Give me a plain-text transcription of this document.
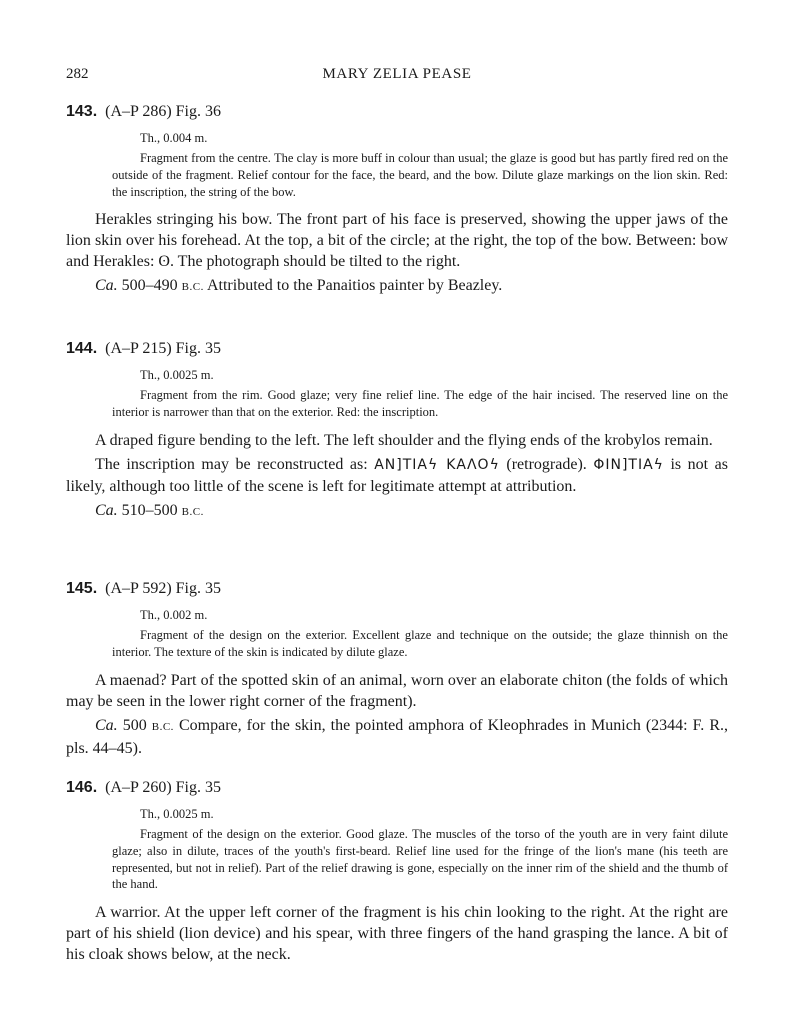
282	MARY ZELIA PEASE
143. (A–P 286) Fig. 36
Th., 0.004 m.
Fragment from the centre. The clay is more buff in colour than usual; the glaze is good but has partly fired red on the outside of the fragment. Relief contour for the face, the beard, and the bow. Dilute glaze markings on the lion skin. Red: the inscription, the string of the bow.

Herakles stringing his bow. The front part of his face is preserved, showing the upper jaws of the lion skin over his forehead. At the top, a bit of the circle; at the right, the top of the bow. Between: bow and Herakles: ʘ. The photograph should be tilted to the right.

Ca. 500–490 B.C. Attributed to the Panaitios painter by Beazley.

144. (A–P 215) Fig. 35
Th., 0.0025 m.
Fragment from the rim. Good glaze; very fine relief line. The edge of the hair incised. The reserved line on the interior is narrower than that on the exterior. Red: the inscription.

A draped figure bending to the left. The left shoulder and the flying ends of the krobylos remain.

The inscription may be reconstructed as: ΑΝ]ΤΙΑϟ ΚΑΛΟϟ (retrograde). ΦΙΝ]ΤΙΑϟ is not as likely, although too little of the scene is left for legitimate attempt at attribution.

Ca. 510–500 B.C.

145. (A–P 592) Fig. 35
Th., 0.002 m.
Fragment of the design on the exterior. Excellent glaze and technique on the outside; the glaze thinnish on the interior. The texture of the skin is indicated by dilute glaze.

A maenad? Part of the spotted skin of an animal, worn over an elaborate chiton (the folds of which may be seen in the lower right corner of the fragment).

Ca. 500 B.C. Compare, for the skin, the pointed amphora of Kleophrades in Munich (2344: F. R., pls. 44–45).

146. (A–P 260) Fig. 35
Th., 0.0025 m.
Fragment of the design on the exterior. Good glaze. The muscles of the torso of the youth are in very faint dilute glaze; also in dilute, traces of the youth's first-beard. Relief line used for the fringe of the lion's mane (his teeth are represented, but not in relief). Part of the relief drawing is gone, especially on the inner rim of the shield and the thumb of the hand.

A warrior. At the upper left corner of the fragment is his chin looking to the right. At the right are part of his shield (lion device) and his spear, with three fingers of the hand grasping the lance. A bit of his cloak shows below, at the neck.
